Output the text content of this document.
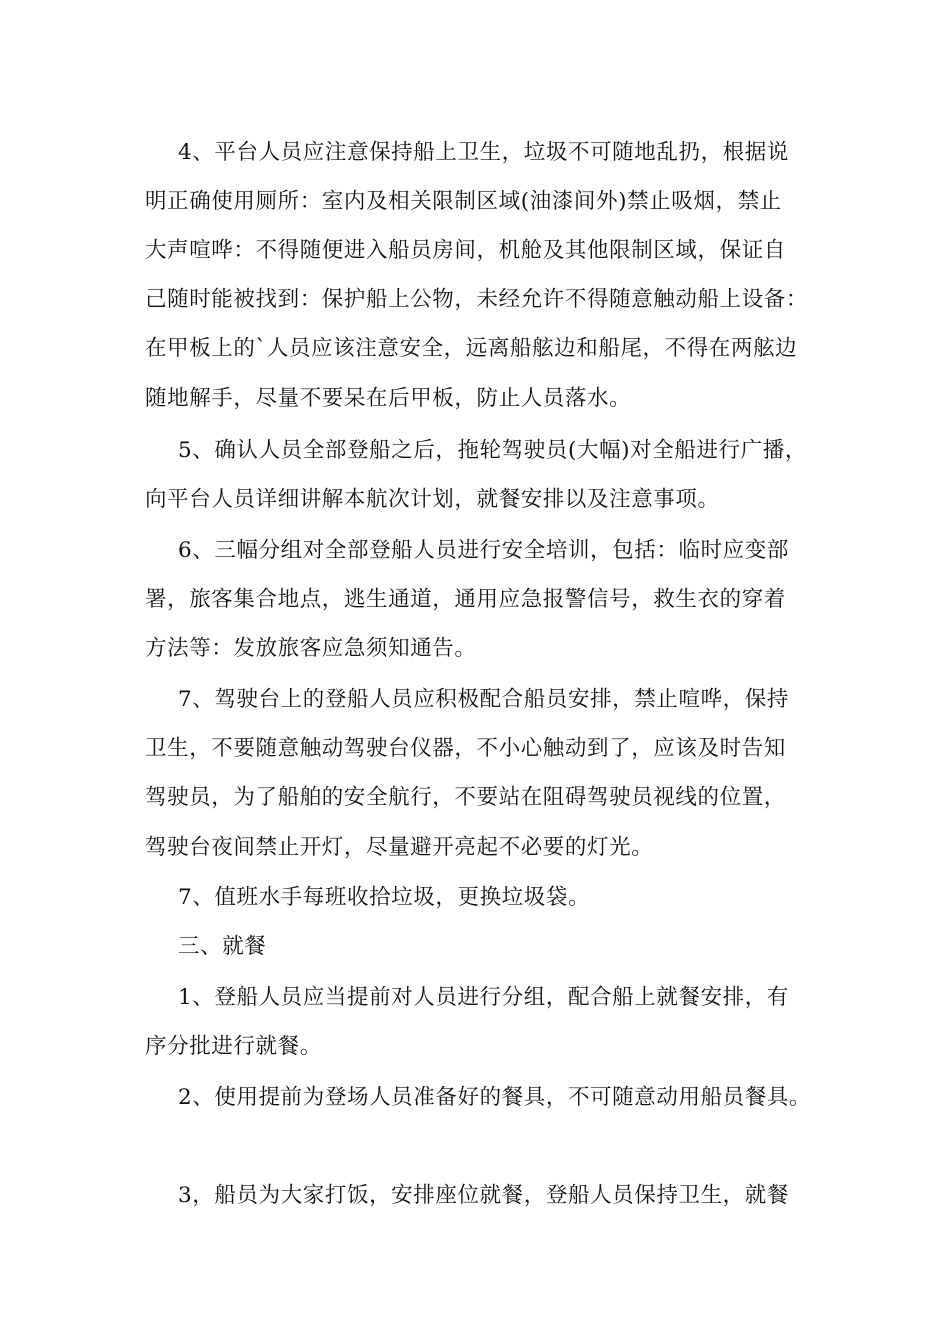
4、平台人员应注意保持船上卫生，垃圾不可随地乱扔，根据说
明正确使用厕所：室内及相关限制区域(油漆间外)禁止吸烟，禁止
大声喧哗：不得随便进入船员房间，机舱及其他限制区域，保证自
己随时能被找到：保护船上公物，未经允许不得随意触动船上设备：
在甲板上的`人员应该注意安全，远离船舷边和船尾，不得在两舷边
随地解手，尽量不要呆在后甲板，防止人员落水。
5、确认人员全部登船之后，拖轮驾驶员(大幅)对全船进行广播，
向平台人员详细讲解本航次计划，就餐安排以及注意事项。
6、三幅分组对全部登船人员进行安全培训，包括：临时应变部
署，旅客集合地点，逃生通道，通用应急报警信号，救生衣的穿着
方法等：发放旅客应急须知通告。
7、驾驶台上的登船人员应积极配合船员安排，禁止喧哗，保持
卫生，不要随意触动驾驶台仪器，不小心触动到了，应该及时告知
驾驶员，为了船舶的安全航行，不要站在阻碍驾驶员视线的位置，
驾驶台夜间禁止开灯，尽量避开亮起不必要的灯光。
7、值班水手每班收拾垃圾，更换垃圾袋。
三、就餐
1、登船人员应当提前对人员进行分组，配合船上就餐安排，有
序分批进行就餐。
2、使用提前为登场人员准备好的餐具，不可随意动用船员餐具。
3，船员为大家打饭，安排座位就餐，登船人员保持卫生，就餐
